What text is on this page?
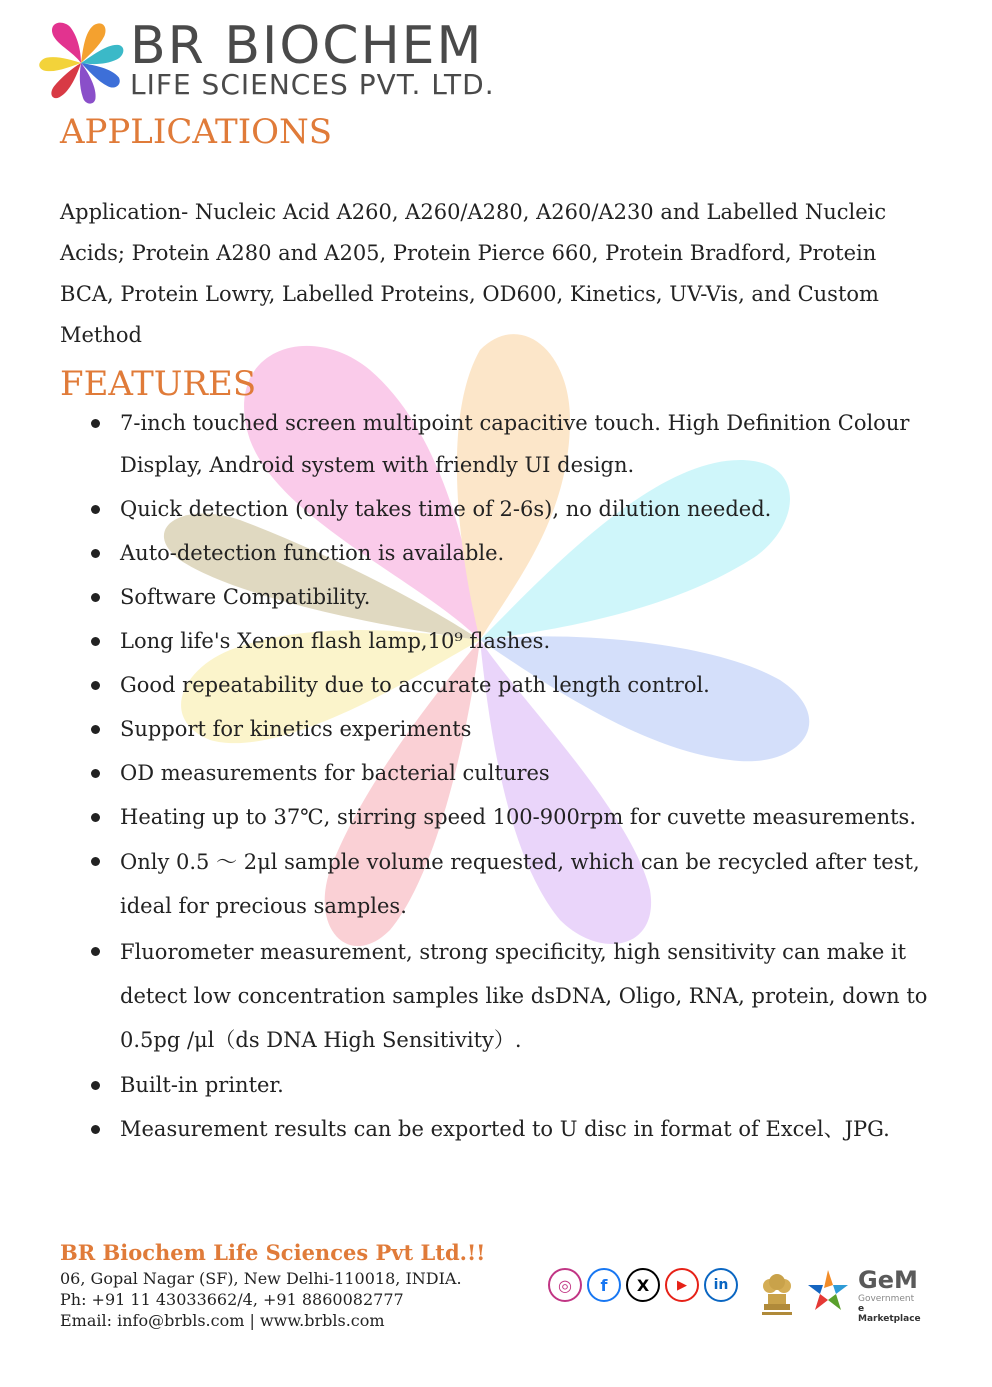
BR BIOCHEM
LIFE SCIENCES PVT. LTD.
APPLICATIONS

Application- Nucleic Acid A260, A260/A280, A260/A230 and Labelled Nucleic Acids; Protein A280 and A205, Protein Pierce 660, Protein Bradford, Protein BCA, Protein Lowry, Labelled Proteins, OD600, Kinetics, UV-Vis, and Custom Method

FEATURES
7-inch touched screen multipoint capacitive touch. High Definition Colour Display, Android system with friendly UI design.
Quick detection (only takes time of 2-6s), no dilution needed.
Auto-detection function is available.
Software Compatibility.
Long life's Xenon flash lamp,10⁹ flashes.
Good repeatability due to accurate path length control.
Support for kinetics experiments
OD measurements for bacterial cultures
Heating up to 37℃, stirring speed 100-900rpm for cuvette measurements.
Only 0.5 ～ 2μl sample volume requested, which can be recycled after test, ideal for precious samples.
Fluorometer measurement, strong specificity, high sensitivity can make it detect low concentration samples like dsDNA, Oligo, RNA, protein, down to 0.5pg /μl（ds DNA High Sensitivity）.
Built-in printer.
Measurement results can be exported to U disc in format of Excel、JPG.
BR Biochem Life Sciences Pvt Ltd.!!
06, Gopal Nagar (SF), New Delhi-110018, INDIA.
Ph: +91 11 43033662/4, +91 8860082777
Email: info@brbls.com | www.brbls.com
◎	f	X	▶	in	GeM
Government
e Marketplace
